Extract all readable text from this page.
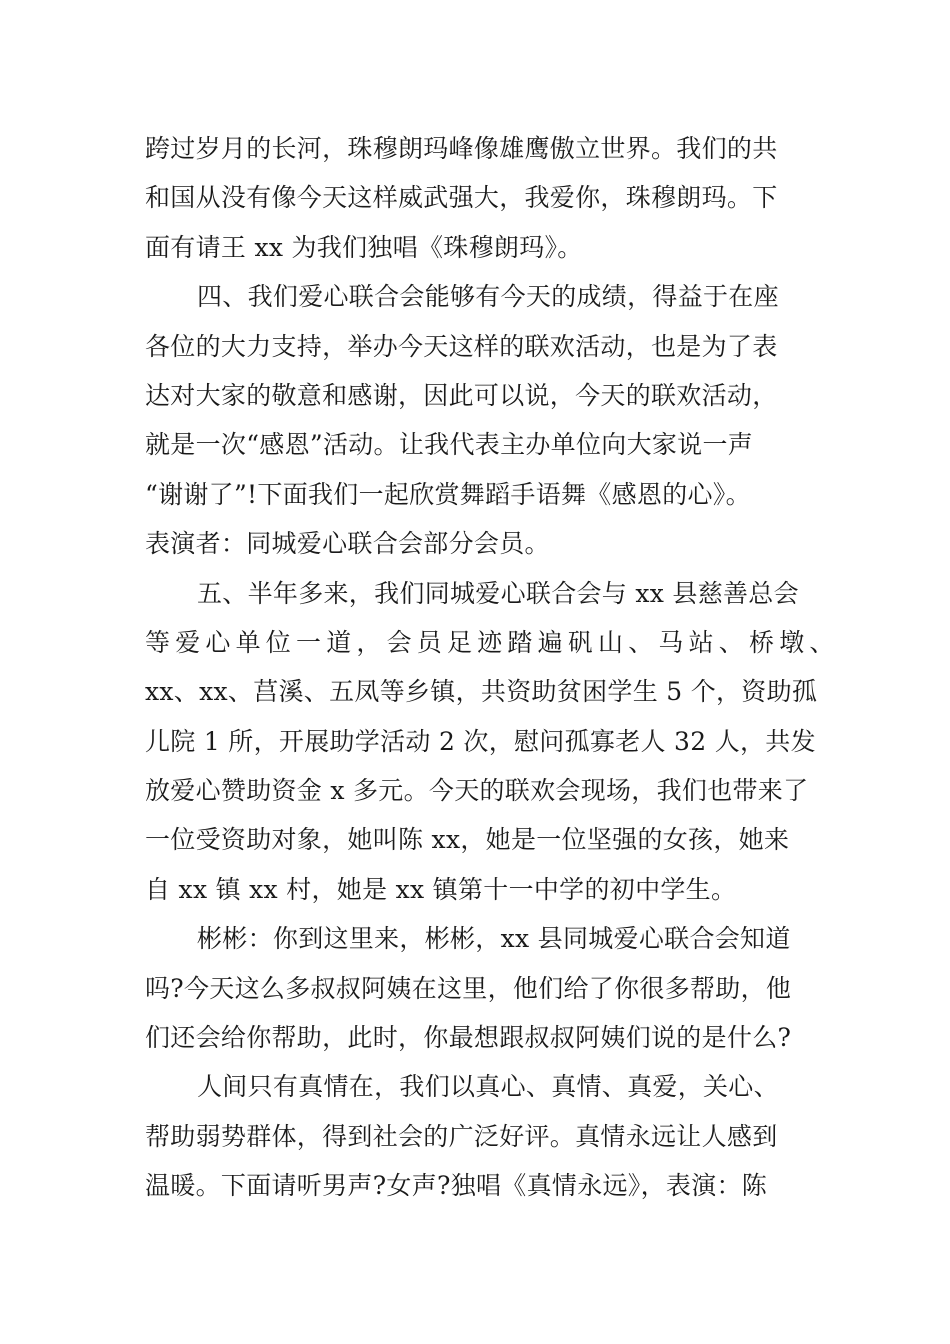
跨过岁月的长河，珠穆朗玛峰像雄鹰傲立世界。我们的共
和国从没有像今天这样威武强大，我爱你，珠穆朗玛。下
面有请王 xx 为我们独唱《珠穆朗玛》。
四、我们爱心联合会能够有今天的成绩，得益于在座
各位的大力支持，举办今天这样的联欢活动，也是为了表
达对大家的敬意和感谢，因此可以说，今天的联欢活动，
就是一次“感恩”活动。让我代表主办单位向大家说一声
“谢谢了”!下面我们一起欣赏舞蹈手语舞《感恩的心》。
表演者：同城爱心联合会部分会员。
五、半年多来，我们同城爱心联合会与 xx 县慈善总会
等爱心单位一道，会员足迹踏遍矾山、马站、桥墩、
xx、xx、莒溪、五凤等乡镇，共资助贫困学生 5 个，资助孤
儿院 1 所，开展助学活动 2 次，慰问孤寡老人 32 人，共发
放爱心赞助资金 x 多元。今天的联欢会现场，我们也带来了
一位受资助对象，她叫陈 xx，她是一位坚强的女孩，她来
自 xx 镇 xx 村，她是 xx 镇第十一中学的初中学生。
彬彬：你到这里来，彬彬，xx 县同城爱心联合会知道
吗?今天这么多叔叔阿姨在这里，他们给了你很多帮助，他
们还会给你帮助，此时，你最想跟叔叔阿姨们说的是什么?
人间只有真情在，我们以真心、真情、真爱，关心、
帮助弱势群体，得到社会的广泛好评。真情永远让人感到
温暖。下面请听男声?女声?独唱《真情永远》，表演：陈
